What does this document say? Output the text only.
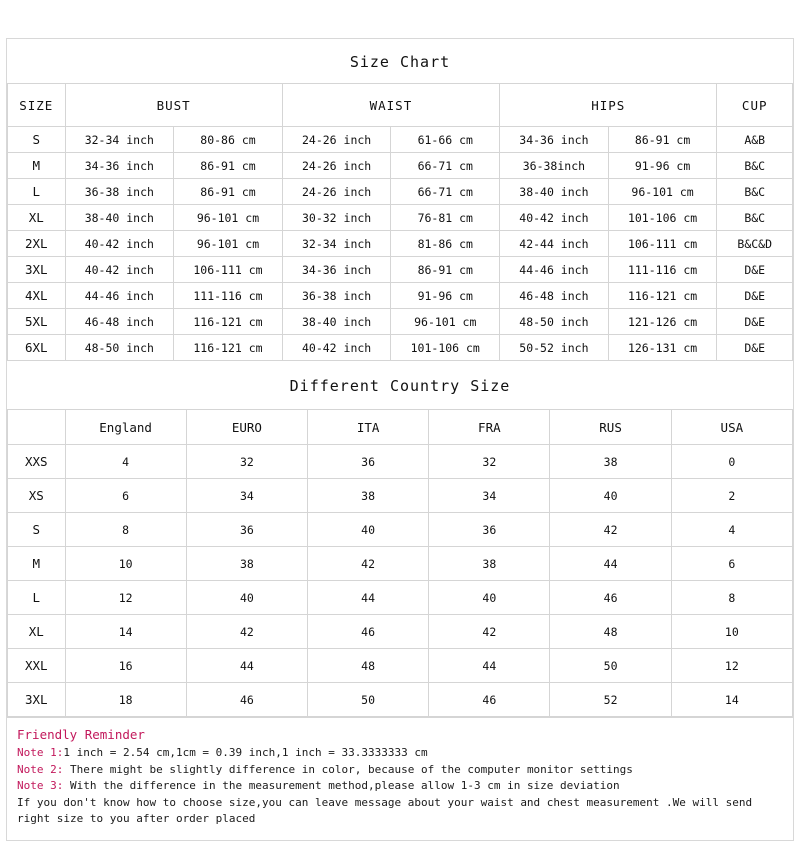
Size Chart
SIZE	BUST		WAIST		HIPS		CUP
S	32-34 inch	80-86 cm	24-26 inch	61-66 cm	34-36 inch	86-91 cm	A&B
M	34-36 inch	86-91 cm	24-26 inch	66-71 cm	36-38inch	91-96 cm	B&C
L	36-38 inch	86-91 cm	24-26 inch	66-71 cm	38-40 inch	96-101 cm	B&C
XL	38-40 inch	96-101 cm	30-32 inch	76-81 cm	40-42 inch	101-106 cm	B&C
2XL	40-42 inch	96-101 cm	32-34 inch	81-86 cm	42-44 inch	106-111 cm	B&C&D
3XL	40-42 inch	106-111 cm	34-36 inch	86-91 cm	44-46 inch	111-116 cm	D&E
4XL	44-46 inch	111-116 cm	36-38 inch	91-96 cm	46-48 inch	116-121 cm	D&E
5XL	46-48 inch	116-121 cm	38-40 inch	96-101 cm	48-50 inch	121-126 cm	D&E
6XL	48-50 inch	116-121 cm	40-42 inch	101-106 cm	50-52 inch	126-131 cm	D&E
Different Country Size
	England	EURO	ITA	FRA	RUS	USA
XXS	4	32	36	32	38	0
XS	6	34	38	34	40	2
S	8	36	40	36	42	4
M	10	38	42	38	44	6
L	12	40	44	40	46	8
XL	14	42	46	42	48	10
XXL	16	44	48	44	50	12
3XL	18	46	50	46	52	14
Friendly Reminder
Note 1:1 inch = 2.54 cm,1cm = 0.39 inch,1 inch = 33.3333333 cm
Note 2: There might be slightly difference in color, because of the computer monitor settings
Note 3: With the difference in the measurement method,please allow 1-3 cm in size deviation
If you don't know how to choose size,you can leave message about your waist and chest measurement .We will send right size to you after order placed
